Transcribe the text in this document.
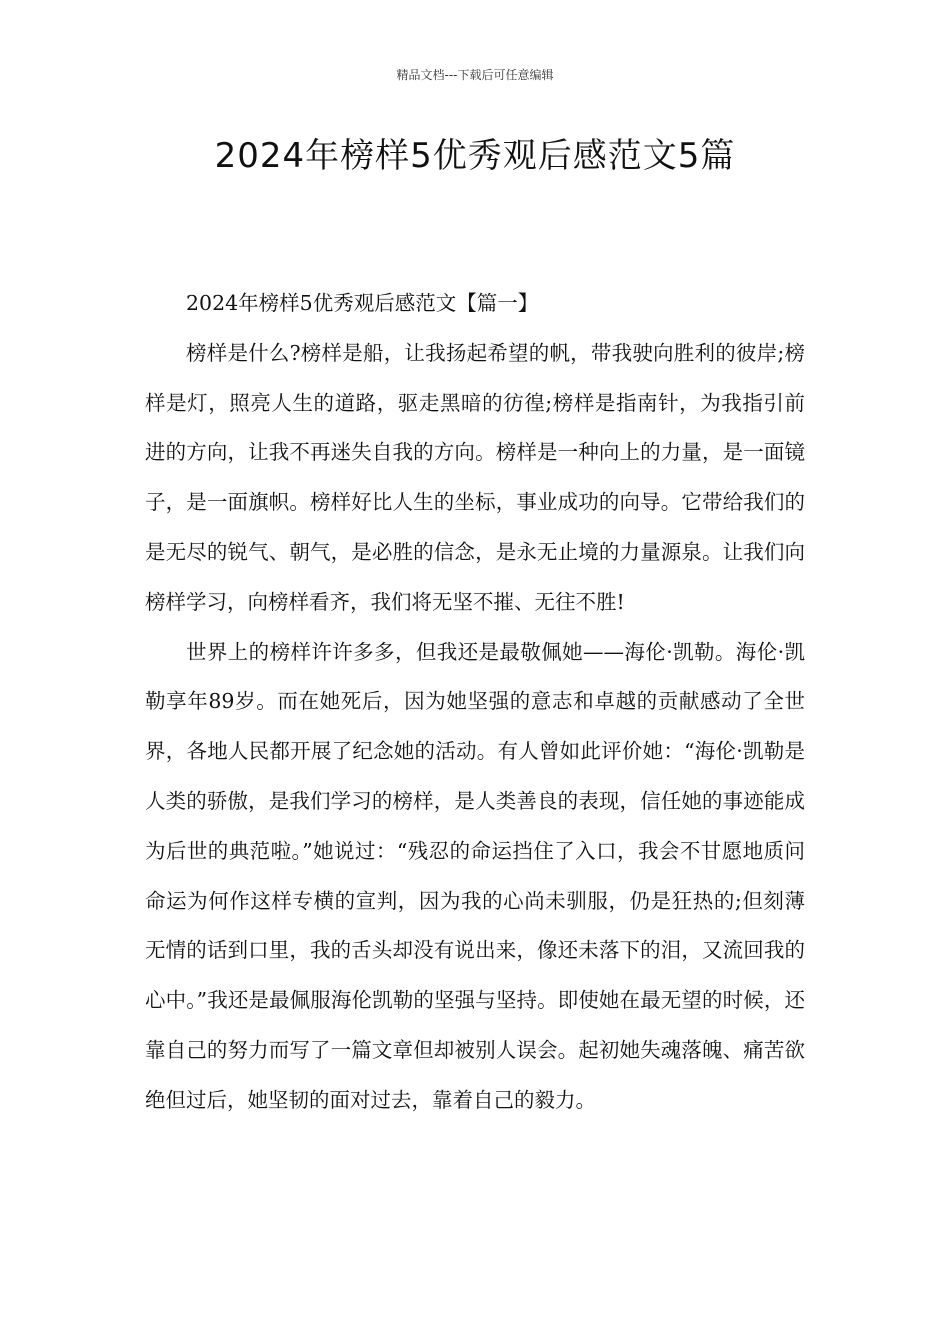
精品文档---下载后可任意编辑
2024年榜样5优秀观后感范文5篇

2024年榜样5优秀观后感范文【篇一】

榜样是什么?榜样是船，让我扬起希望的帆，带我驶向胜利的彼岸;榜样是灯，照亮人生的道路，驱走黑暗的彷徨;榜样是指南针，为我指引前进的方向，让我不再迷失自我的方向。榜样是一种向上的力量，是一面镜子，是一面旗帜。榜样好比人生的坐标，事业成功的向导。它带给我们的是无尽的锐气、朝气，是必胜的信念，是永无止境的力量源泉。让我们向榜样学习，向榜样看齐，我们将无坚不摧、无往不胜!

世界上的榜样许许多多，但我还是最敬佩她——海伦·凯勒。海伦·凯勒享年89岁。而在她死后，因为她坚强的意志和卓越的贡献感动了全世界，各地人民都开展了纪念她的活动。有人曾如此评价她：“海伦·凯勒是人类的骄傲，是我们学习的榜样，是人类善良的表现，信任她的事迹能成为后世的典范啦。”她说过：“残忍的命运挡住了入口，我会不甘愿地质问命运为何作这样专横的宣判，因为我的心尚未驯服，仍是狂热的;但刻薄无情的话到口里，我的舌头却没有说出来，像还未落下的泪，又流回我的心中。”我还是最佩服海伦凯勒的坚强与坚持。即使她在最无望的时候，还靠自己的努力而写了一篇文章但却被别人误会。起初她失魂落魄、痛苦欲绝但过后，她坚韧的面对过去，靠着自己的毅力。
